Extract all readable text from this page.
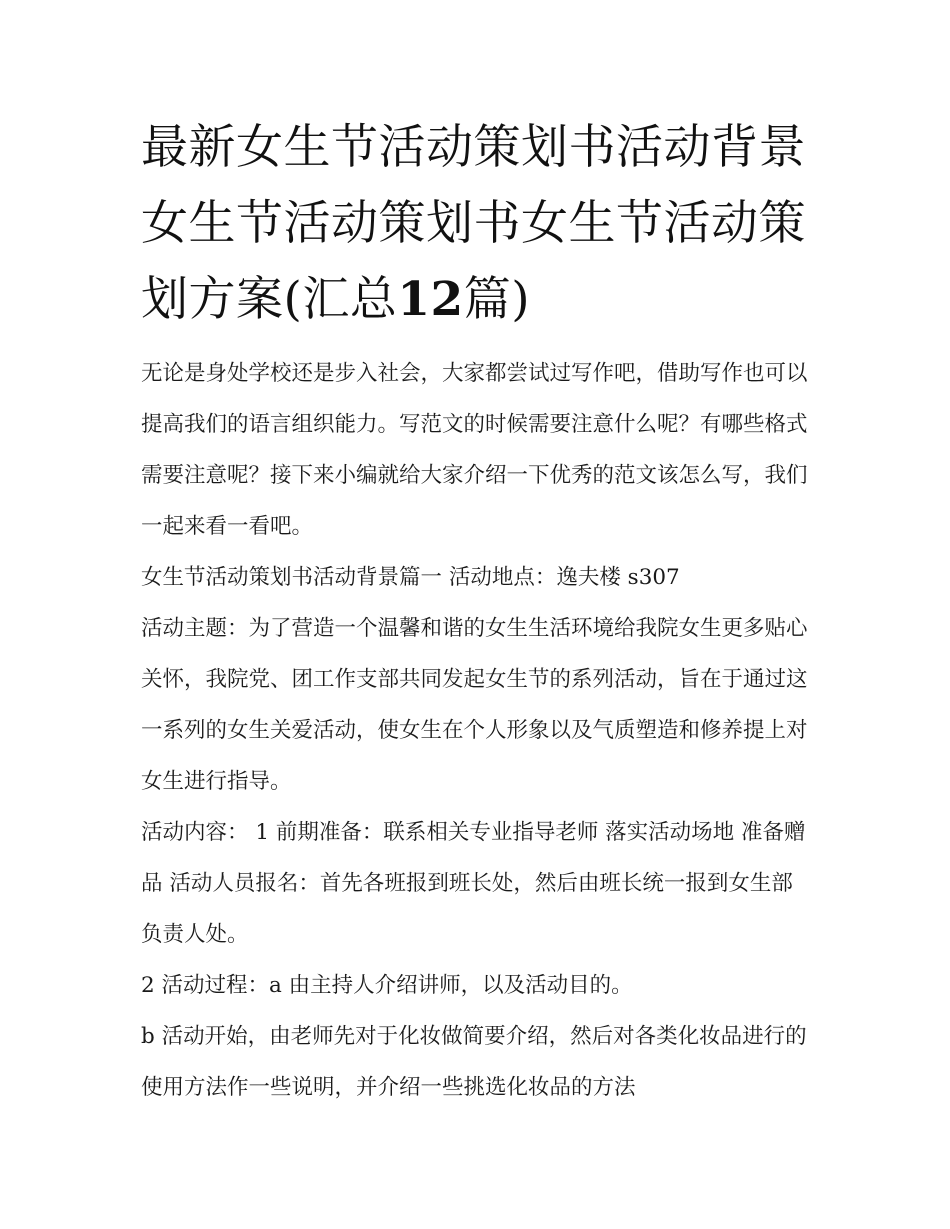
最新女生节活动策划书活动背景 女生节活动策划书女生节活动策划方案(汇总12篇)

无论是身处学校还是步入社会，大家都尝试过写作吧，借助写作也可以提高我们的语言组织能力。写范文的时候需要注意什么呢？有哪些格式需要注意呢？接下来小编就给大家介绍一下优秀的范文该怎么写，我们一起来看一看吧。

女生节活动策划书活动背景篇一 活动地点：逸夫楼 s307

活动主题：为了营造一个温馨和谐的女生生活环境给我院女生更多贴心关怀，我院党、团工作支部共同发起女生节的系列活动，旨在于通过这一系列的女生关爱活动，使女生在个人形象以及气质塑造和修养提上对女生进行指导。

活动内容： 1 前期准备：联系相关专业指导老师 落实活动场地 准备赠品 活动人员报名：首先各班报到班长处，然后由班长统一报到女生部负责人处。

2 活动过程：a 由主持人介绍讲师，以及活动目的。

b 活动开始，由老师先对于化妆做简要介绍，然后对各类化妆品进行的使用方法作一些说明，并介绍一些挑选化妆品的方法
